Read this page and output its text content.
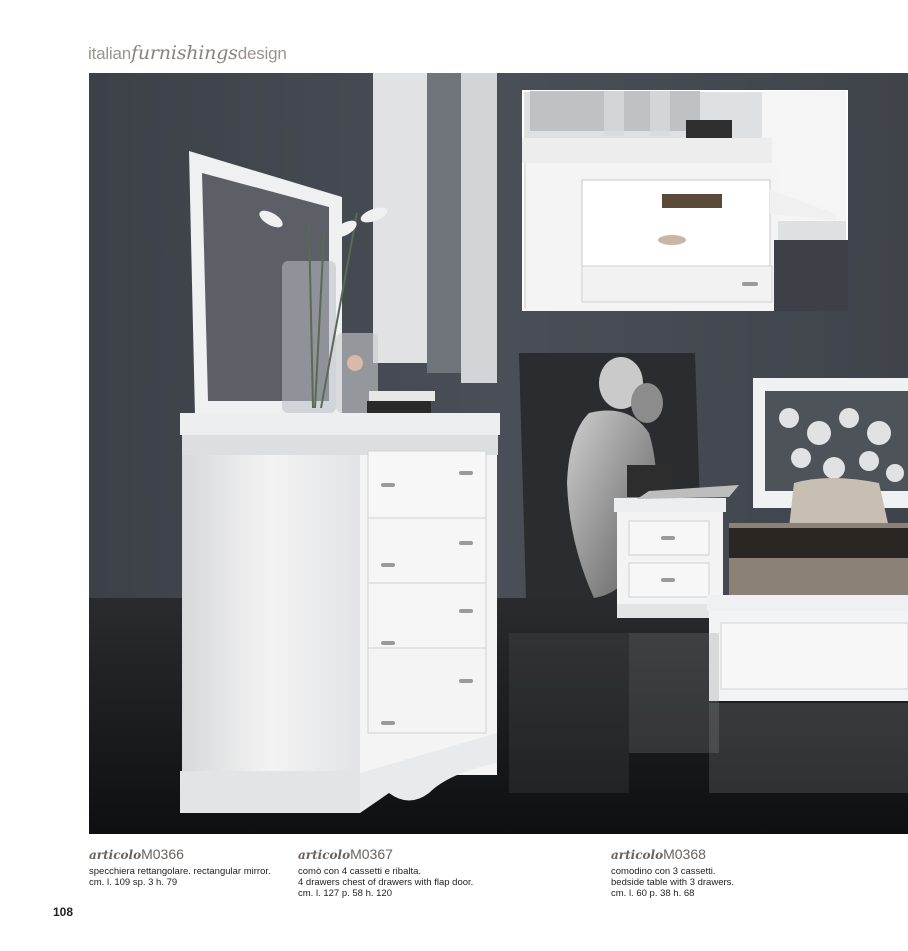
italianfurnishingsdesign
articoloM0366
specchiera rettangolare. rectangular mirror.
cm. l. 109 sp. 3 h. 79
articoloM0367
comò con 4 cassetti e ribalta.
4 drawers chest of drawers with flap door.
cm. l. 127 p. 58 h. 120
articoloM0368
comodino con 3 cassetti.
bedside table with 3 drawers.
cm. l. 60 p. 38 h. 68
108
